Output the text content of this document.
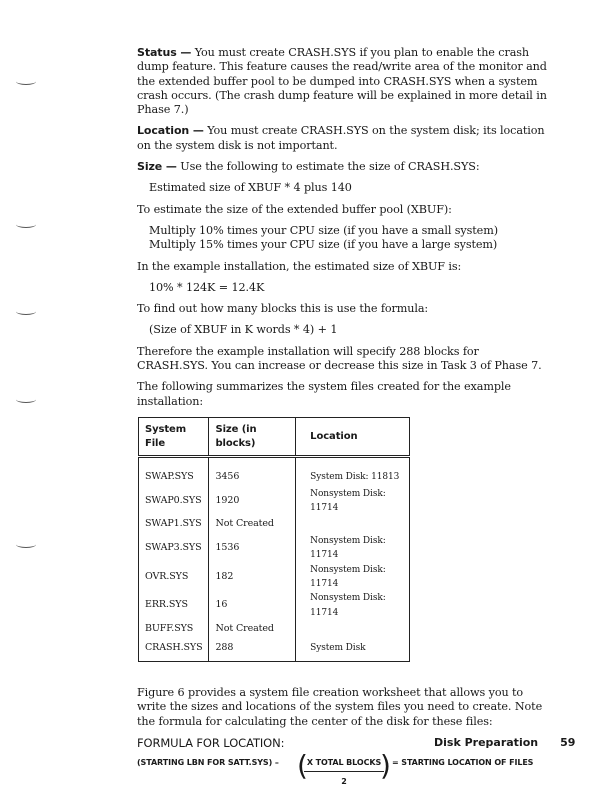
Status — You must create CRASH.SYS if you plan to enable the crash dump feature. This feature causes the read/write area of the monitor and the extended buffer pool to be dumped into CRASH.SYS when a system crash occurs. (The crash dump feature will be explained in more detail in Phase 7.)

Location — You must create CRASH.SYS on the system disk; its location on the system disk is not important.

Size — Use the following to estimate the size of CRASH.SYS:

Estimated size of XBUF * 4 plus 140

To estimate the size of the extended buffer pool (XBUF):

Multiply 10% times your CPU size (if you have a small system)
Multiply 15% times your CPU size (if you have a large system)

In the example installation, the estimated size of XBUF is:

10% * 124K = 12.4K

To find out how many blocks this is use the formula:

(Size of XBUF in K words * 4) + 1

Therefore the example installation will specify 288 blocks for CRASH.SYS. You can increase or decrease this size in Task 3 of Phase 7.

The following summarizes the system files created for the example installation:

System File	Size (in blocks)	Location

SWAP.SYS	3456	System Disk: 11813
SWAP0.SYS	1920	Nonsystem Disk: 11714
SWAP1.SYS	Not Created	
SWAP3.SYS	1536	Nonsystem Disk: 11714
OVR.SYS	182	Nonsystem Disk: 11714
ERR.SYS	16	Nonsystem Disk: 11714
BUFF.SYS	Not Created	
CRASH.SYS	288	System Disk

Figure 6 provides a system file creation worksheet that allows you to write the sizes and locations of the system files you need to create. Note the formula for calculating the center of the disk for these files:

FORMULA FOR LOCATION:
(STARTING LBN FOR SATT.SYS) – ( X TOTAL BLOCKS
2	) = STARTING LOCATION OF FILES
Disk Preparation 59
